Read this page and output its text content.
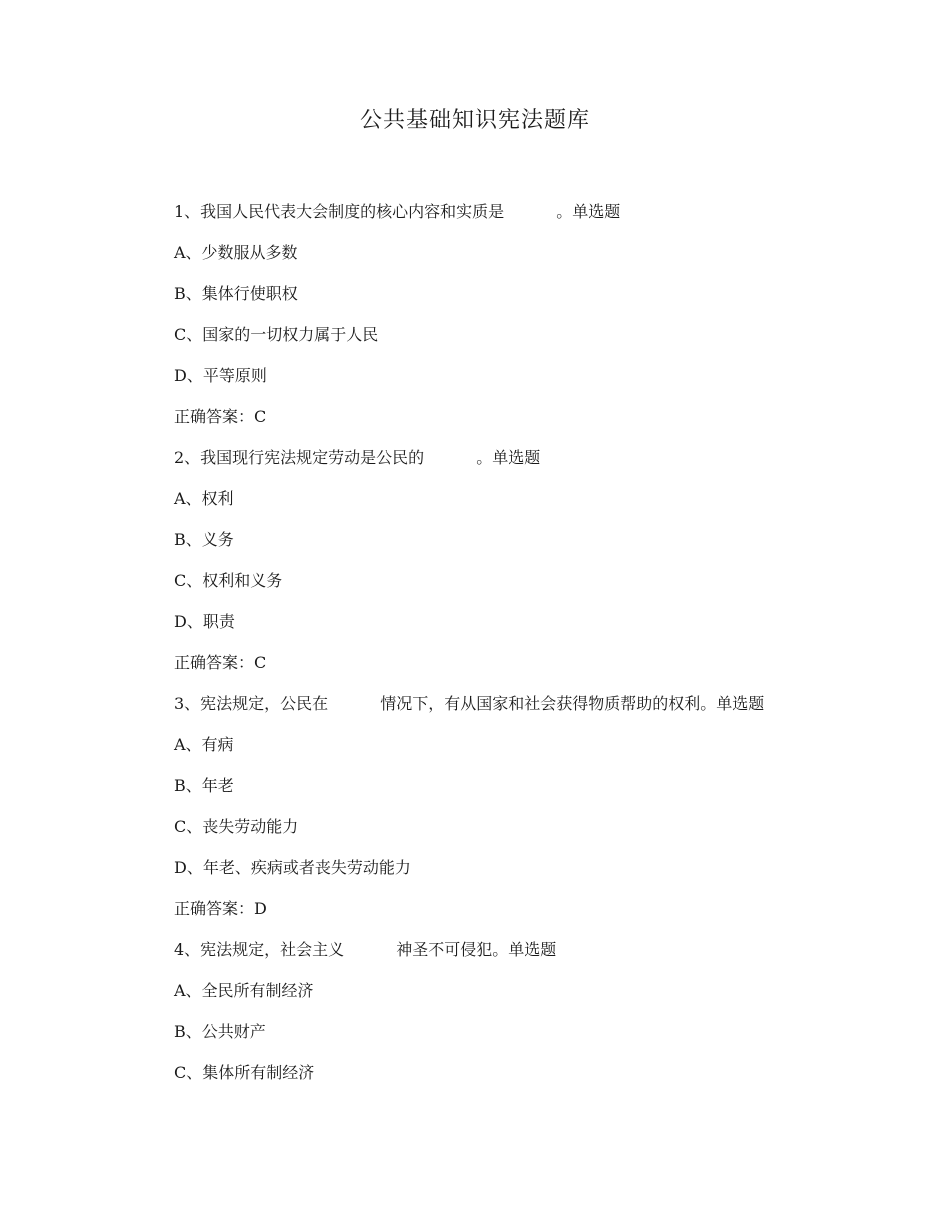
公共基础知识宪法题库
1、我国人民代表大会制度的核心内容和实质是	。单选题
A、少数服从多数
B、集体行使职权
C、国家的一切权力属于人民
D、平等原则
正确答案：C
2、我国现行宪法规定劳动是公民的	。单选题
A、权利
B、义务
C、权利和义务
D、职责
正确答案：C
3、宪法规定，公民在	情况下，有从国家和社会获得物质帮助的权利。单选题
A、有病
B、年老
C、丧失劳动能力
D、年老、疾病或者丧失劳动能力
正确答案：D
4、宪法规定，社会主义	神圣不可侵犯。单选题
A、全民所有制经济
B、公共财产
C、集体所有制经济
